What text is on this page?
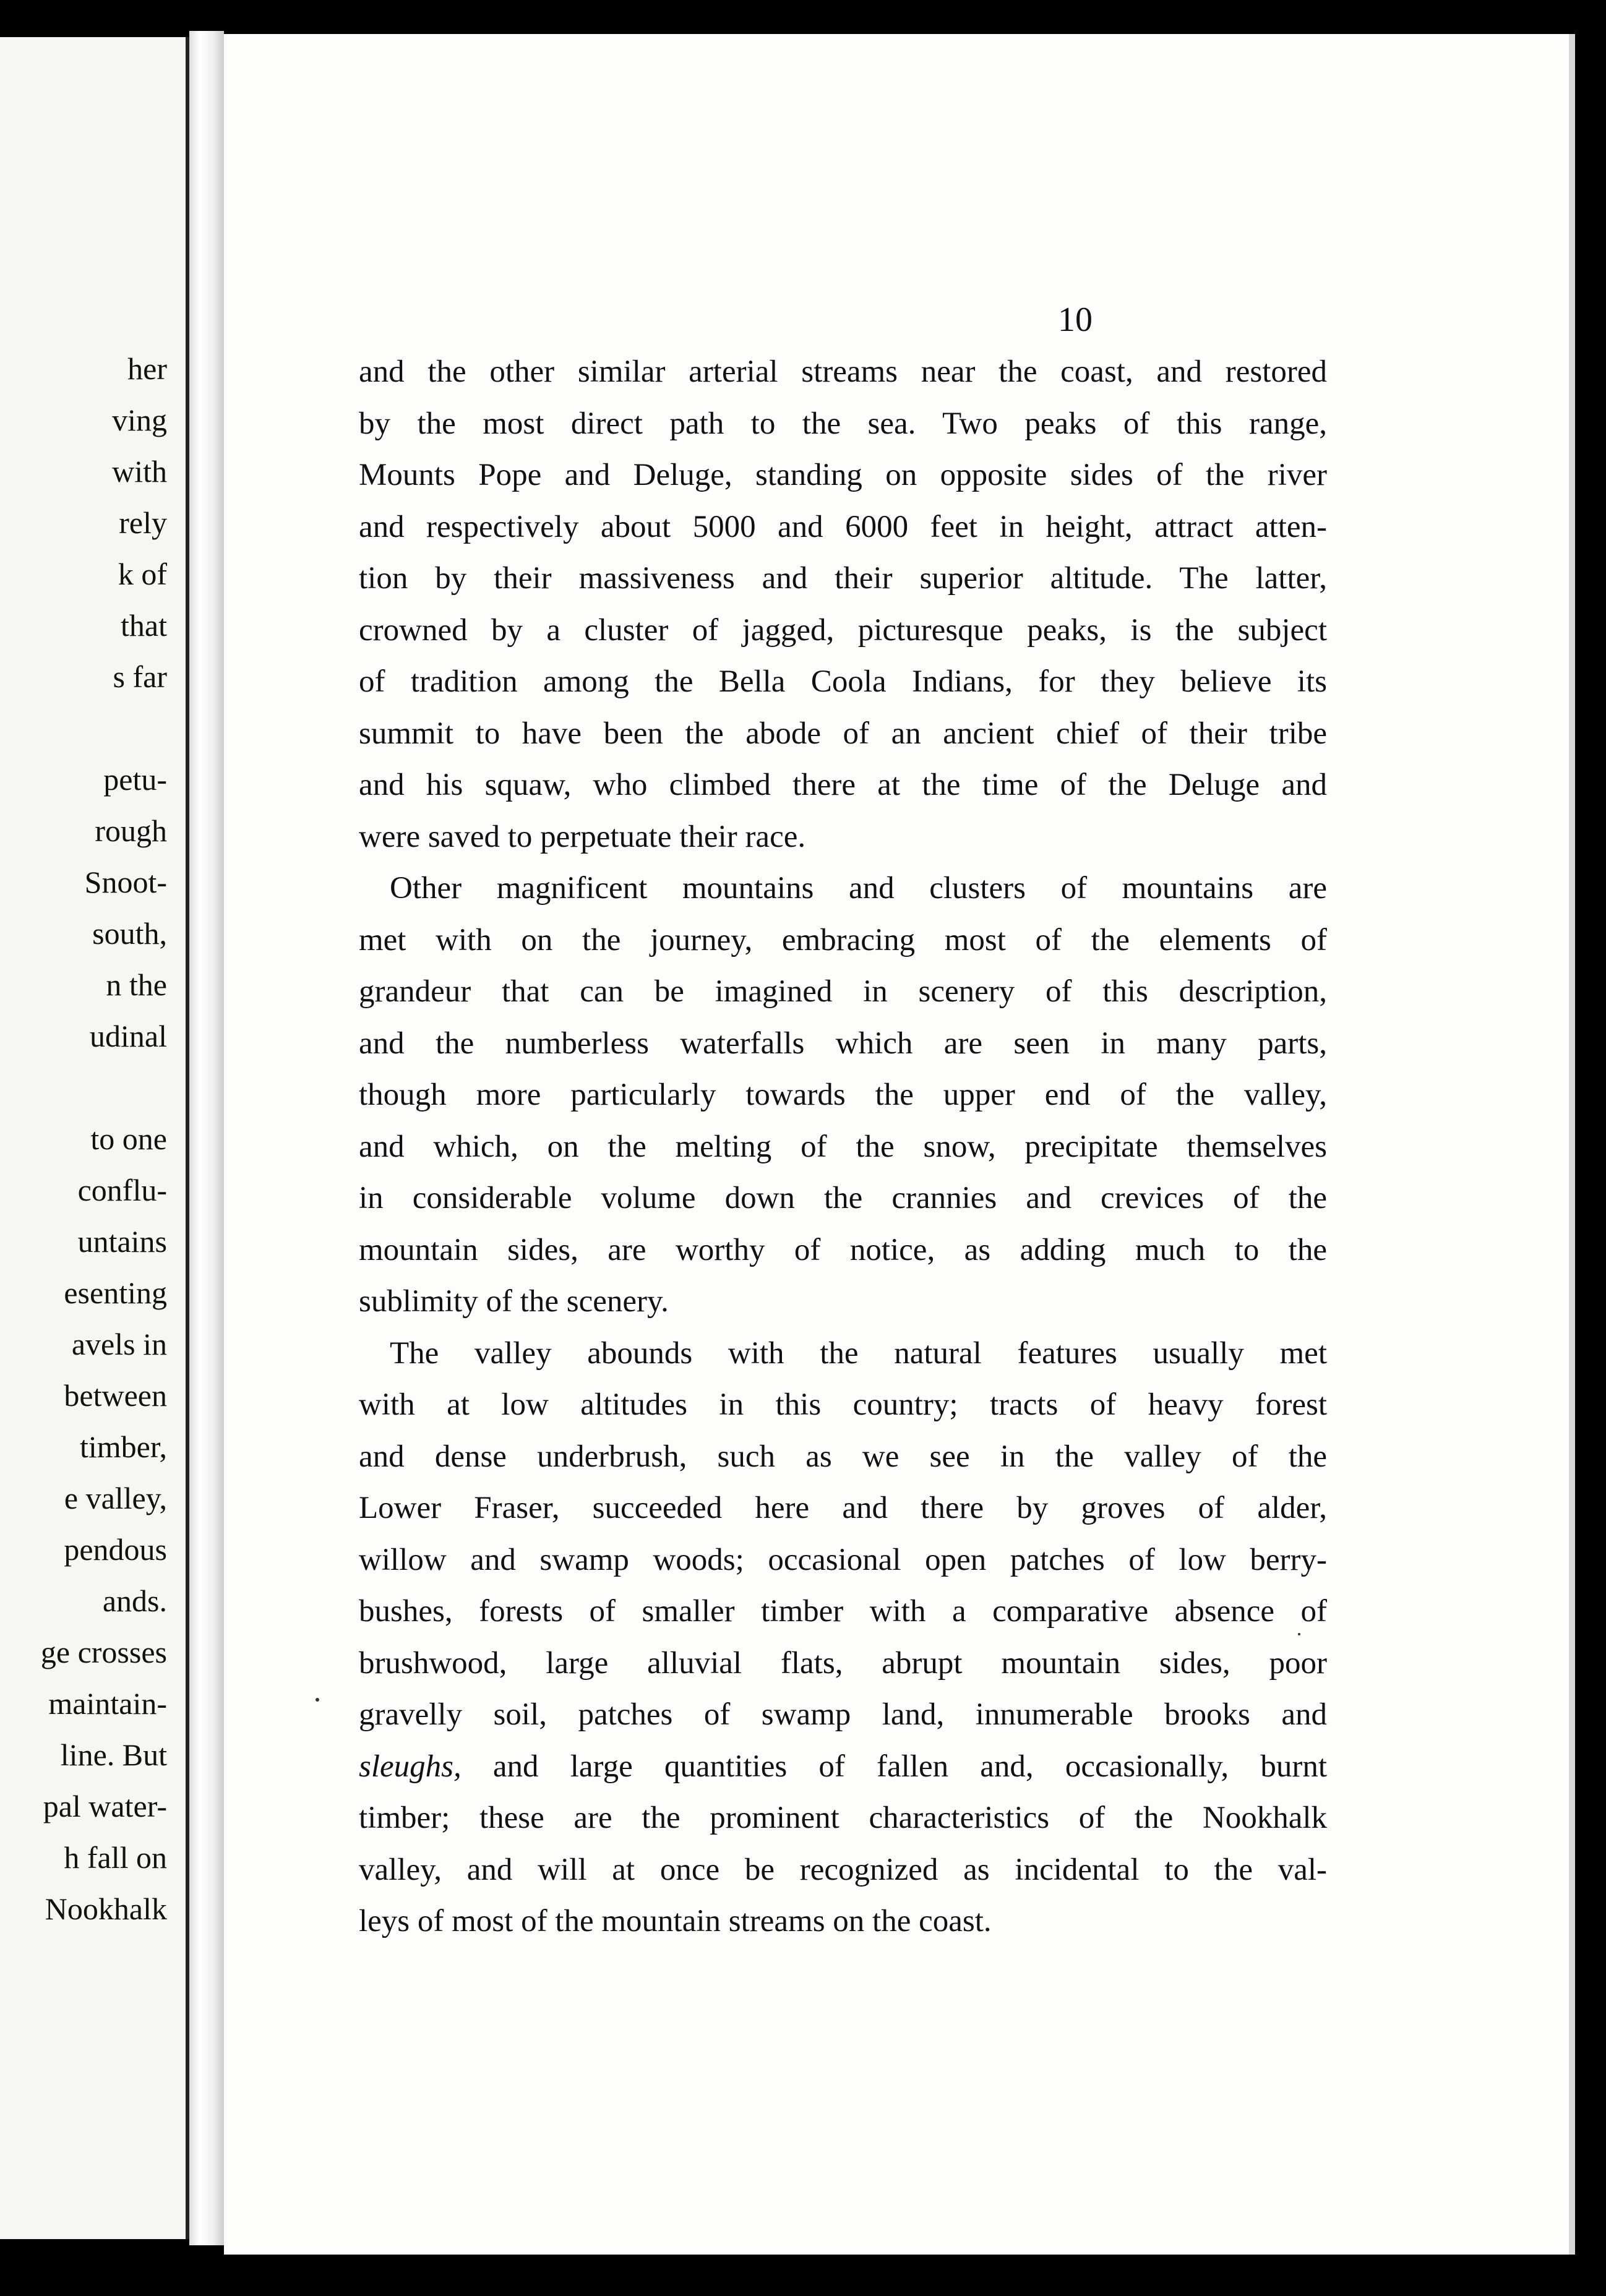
her
ving
with
rely
k of
that
s far
petu-
rough
Snoot-
south,
n the
udinal
to one
conflu-
untains
esenting
avels in
between
timber,
e valley,
pendous
ands.
ge crosses
maintain-
line. But
pal water-
h fall on
Nookhalk
10
and the other similar arterial streams near the coast, and restored
by the most direct path to the sea. Two peaks of this range,
Mounts Pope and Deluge, standing on opposite sides of the river
and respectively about 5000 and 6000 feet in height, attract atten-
tion by their massiveness and their superior altitude. The latter,
crowned by a cluster of jagged, picturesque peaks, is the subject
of tradition among the Bella Coola Indians, for they believe its
summit to have been the abode of an ancient chief of their tribe
and his squaw, who climbed there at the time of the Deluge and
were saved to perpetuate their race.
Other magnificent mountains and clusters of mountains are
met with on the journey, embracing most of the elements of
grandeur that can be imagined in scenery of this description,
and the numberless waterfalls which are seen in many parts,
though more particularly towards the upper end of the valley,
and which, on the melting of the snow, precipitate themselves
in considerable volume down the crannies and crevices of the
mountain sides, are worthy of notice, as adding much to the
sublimity of the scenery.
The valley abounds with the natural features usually met
with at low altitudes in this country; tracts of heavy forest
and dense underbrush, such as we see in the valley of the
Lower Fraser, succeeded here and there by groves of alder,
willow and swamp woods; occasional open patches of low berry-
bushes, forests of smaller timber with a comparative absence of
brushwood, large alluvial flats, abrupt mountain sides, poor
gravelly soil, patches of swamp land, innumerable brooks and
sleughs, and large quantities of fallen and, occasionally, burnt
timber; these are the prominent characteristics of the Nookhalk
valley, and will at once be recognized as incidental to the val-
leys of most of the mountain streams on the coast.
